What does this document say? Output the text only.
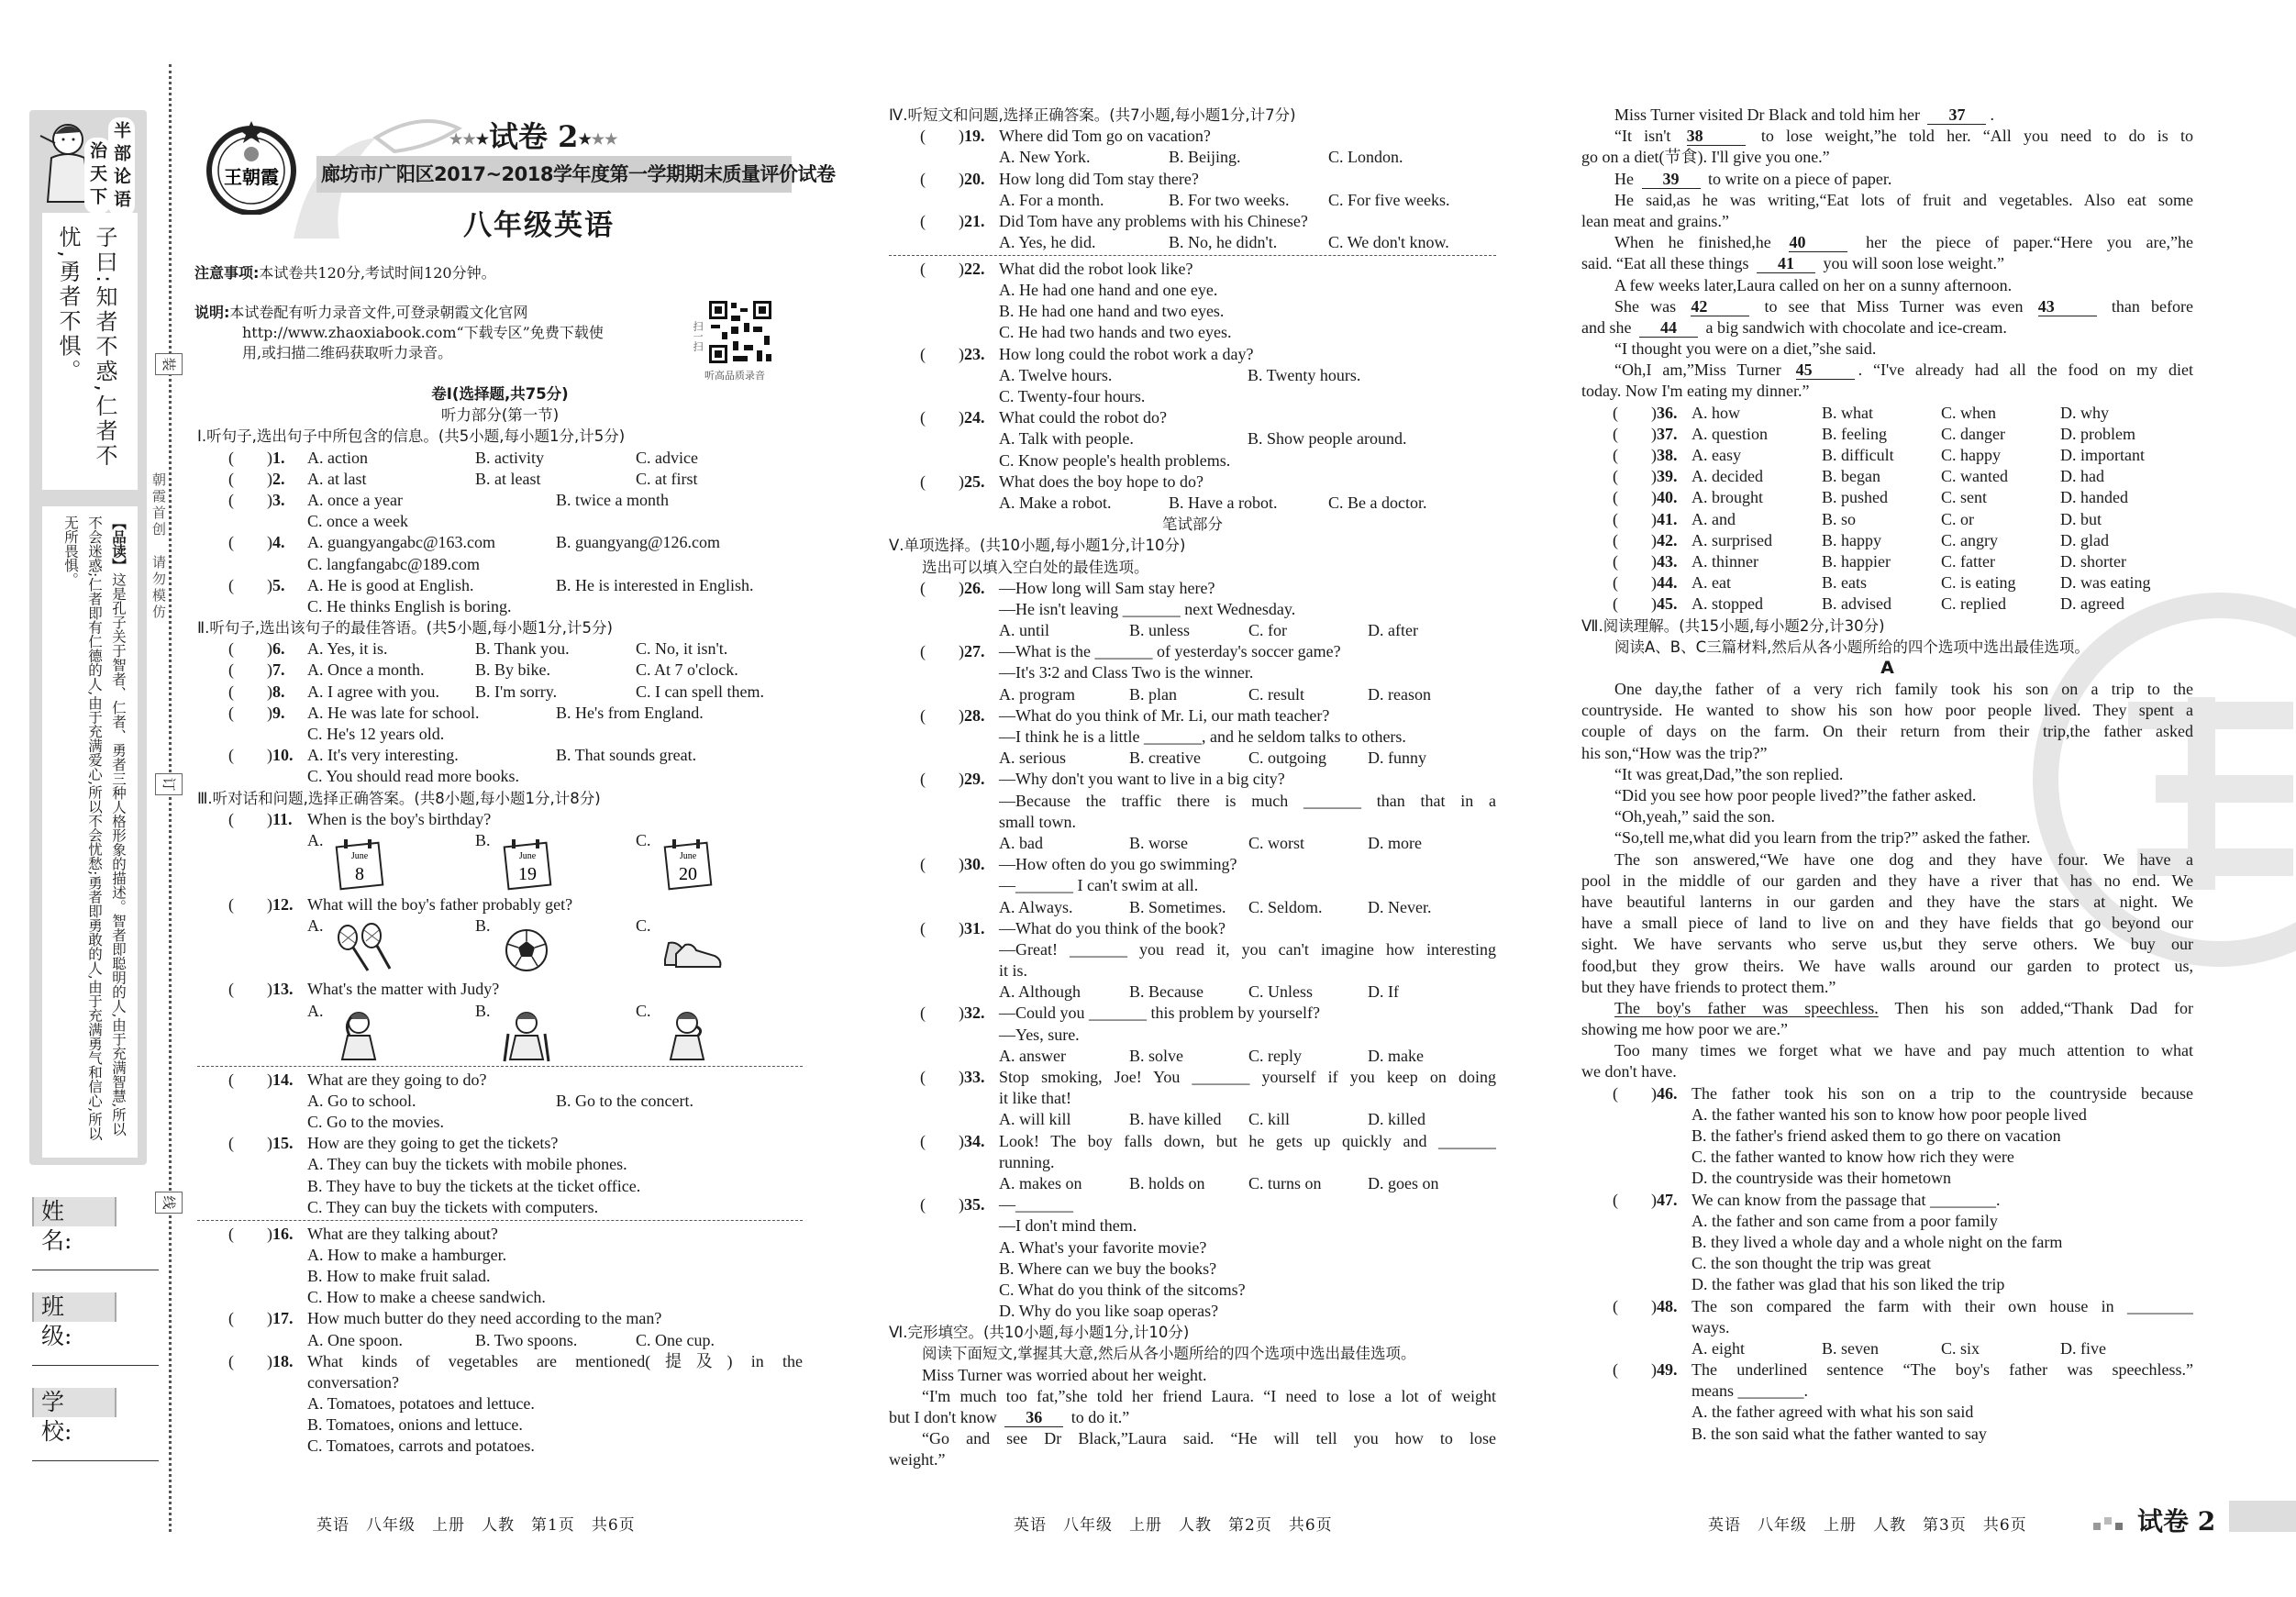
半部论语
治天下
子曰:知者不惑,仁者不
忧,勇者不惧。
【品读】这是孔子关于智者、仁者、勇者三种人格形象的描述。智者即聪明的人,由于充满智慧,所以不会迷惑;仁者即有仁德的人,由于充满爱心,所以不会忧愁;勇者即勇敢的人,由于充满勇气和信心,所以无所畏惧。
姓　名:
班　级:
学　校:
装
订
线
朝霞首创　请勿模仿
王朝霞
★★★试卷 2★★★
廊坊市广阳区2017~2018学年度第一学期期末质量评价试卷
八年级英语
注意事项:本试卷共120分,考试时间120分钟。
说明:本试卷配有听力录音文件,可登录朝霞文化官网
http://www.zhaoxiabook.com“下载专区”免费下载使
用,或扫描二维码获取听力录音。
扫一扫
听高品质录音
卷Ⅰ(选择题,共75分)
听力部分(第一节)
Ⅰ.听句子,选出句子中所包含的信息。(共5小题,每小题1分,计5分)
( ) 1. A. action	B. activity	C. advice
( ) 2. A. at last	B. at least	C. at first
( ) 3. A. once a year	B. twice a month
C. once a week
( ) 4. A. guangyangabc@163.com	B. guangyang@126.com
C. langfangabc@189.com
( ) 5. A. He is good at English.	B. He is interested in English.
C. He thinks English is boring.
Ⅱ.听句子,选出该句子的最佳答语。(共5小题,每小题1分,计5分)
( ) 6. A. Yes, it is.	B. Thank you.	C. No, it isn't.
( ) 7. A. Once a month.	B. By bike.	C. At 7 o'clock.
( ) 8. A. I agree with you. B. I'm sorry.	C. I can spell them.
( ) 9. A. He was late for school.	B. He's from England.
C. He's 12 years old.
( ) 10. A. It's very interesting.	B. That sounds great.
C. You should read more books.
Ⅲ.听对话和问题,选择正确答案。(共8小题,每小题1分,计8分)
( ) 11. When is the boy's birthday?
A.
June
8
B.
June
19
C.
June
20
( ) 12. What will the boy's father probably get?
A.	B.	C.
( ) 13. What's the matter with Judy?
A.	B.	C.
( ) 14. What are they going to do?
A. Go to school.	B. Go to the concert.
C. Go to the movies.
( ) 15. How are they going to get the tickets?
A. They can buy the tickets with mobile phones.
B. They have to buy the tickets at the ticket office.
C. They can buy the tickets with computers.
( ) 16. What are they talking about?
A. How to make a hamburger.
B. How to make fruit salad.
C. How to make a cheese sandwich.
( ) 17. How much butter do they need according to the man?
A. One spoon.	B. Two spoons.	C. One cup.
( ) 18. What kinds of vegetables are mentioned(提及) in the
conversation?
A. Tomatoes, potatoes and lettuce.
B. Tomatoes, onions and lettuce.
C. Tomatoes, carrots and potatoes.
Ⅳ.听短文和问题,选择正确答案。(共7小题,每小题1分,计7分)
( ) 19. Where did Tom go on vacation?
A. New York.	B. Beijing.	C. London.
( ) 20. How long did Tom stay there?
A. For a month.	B. For two weeks. C. For five weeks.
( ) 21. Did Tom have any problems with his Chinese?
A. Yes, he did.	B. No, he didn't.	C. We don't know.
( ) 22. What did the robot look like?
A. He had one hand and one eye.
B. He had one hand and two eyes.
C. He had two hands and two eyes.
( ) 23. How long could the robot work a day?
A. Twelve hours.	B. Twenty hours.
C. Twenty-four hours.
( ) 24. What could the robot do?
A. Talk with people.	B. Show people around.
C. Know people's health problems.
( ) 25. What does the boy hope to do?
A. Make a robot.	B. Have a robot.	C. Be a doctor.
笔试部分
Ⅴ.单项选择。(共10小题,每小题1分,计10分)
选出可以填入空白处的最佳选项。
( ) 26. —How long will Sam stay here?
—He isn't leaving _______ next Wednesday.
A. until	B. unless	C. for	D. after
( ) 27. —What is the _______ of yesterday's soccer game?
—It's 3∶2 and Class Two is the winner.
A. program	B. plan	C. result	D. reason
( ) 28. —What do you think of Mr. Li, our math teacher?
—I think he is a little _______, and he seldom talks to others.
A. serious	B. creative	C. outgoing D. funny
( ) 29. —Why don't you want to live in a big city?
—Because the traffic there is much _______ than that in a
small town.
A. bad	B. worse	C. worst	D. more
( ) 30. —How often do you go swimming?
—_______ I can't swim at all.
A. Always.	B. Sometimes. C. Seldom.	D. Never.
( ) 31. —What do you think of the book?
—Great! _______ you read it, you can't imagine how interesting
it is.
A. Although	B. Because	C. Unless	D. If
( ) 32. —Could you _______ this problem by yourself?
—Yes, sure.
A. answer	B. solve	C. reply	D. make
( ) 33. Stop smoking, Joe! You _______ yourself if you keep on doing
it like that!
A. will kill	B. have killed C. kill	D. killed
( ) 34. Look! The boy falls down, but he gets up quickly and _______
running.
A. makes on	B. holds on	C. turns on	D. goes on
( ) 35. —_______
—I don't mind them.
A. What's your favorite movie?
B. Where can we buy the books?
C. What do you think of the sitcoms?
D. Why do you like soap operas?
Ⅵ.完形填空。(共10小题,每小题1分,计10分)
阅读下面短文,掌握其大意,然后从各小题所给的四个选项中选出最佳选项。
Miss Turner was worried about her weight.
“I'm much too fat,”she told her friend Laura. “I need to lose a lot of weight
but I don't know 36 to do it.”
“Go and see Dr Black,”Laura said. “He will tell you how to lose
weight.”
Miss Turner visited Dr Black and told him her 37 .
“It isn't 38	to lose weight,”he told her. “All you need to do is to
go on a diet(节食). I'll give you one.”
He 39 to write on a piece of paper.
He said,as he was writing,“Eat lots of fruit and vegetables. Also eat some
lean meat and grains.”
When he finished,he 40	her the piece of paper.“Here you are,”he
said. “Eat all these things 41 you will soon lose weight.”
A few weeks later,Laura called on her on a sunny afternoon.
She was 42	to see that Miss Turner was even 43	than before
and she 44 a big sandwich with chocolate and ice-cream.
“I thought you were on a diet,”she said.
“Oh,I am,”Miss Turner 45	. “I've already had all the food on my diet
today. Now I'm eating my dinner.”
( ) 36. A. how	B. what	C. when	D. why
( ) 37. A. question	B. feeling	C. danger	D. problem
( ) 38. A. easy	B. difficult	C. happy	D. important
( ) 39. A. decided	B. began	C. wanted	D. had
( ) 40. A. brought	B. pushed	C. sent	D. handed
( ) 41. A. and	B. so	C. or	D. but
( ) 42. A. surprised	B. happy	C. angry	D. glad
( ) 43. A. thinner	B. happier	C. fatter	D. shorter
( ) 44. A. eat	B. eats	C. is eating	D. was eating
( ) 45. A. stopped	B. advised	C. replied	D. agreed
Ⅶ.阅读理解。(共15小题,每小题2分,计30分)
阅读A、B、C三篇材料,然后从各小题所给的四个选项中选出最佳选项。
A
One day,the father of a very rich family took his son on a trip to the
countryside. He wanted to show his son how poor people lived. They spent a
couple of days on the farm. On their return from their trip,the father asked
his son,“How was the trip?”
“It was great,Dad,”the son replied.
“Did you see how poor people lived?”the father asked.
“Oh,yeah,” said the son.
“So,tell me,what did you learn from the trip?” asked the father.
The son answered,“We have one dog and they have four. We have a
pool in the middle of our garden and they have a river that has no end. We
have beautiful lanterns in our garden and they have the stars at night. We
have a small piece of land to live on and they have fields that go beyond our
sight. We have servants who serve us,but they serve others. We buy our
food,but they grow theirs. We have walls around our garden to protect us,
but they have friends to protect them.”
The boy's father was speechless. Then his son added,“Thank Dad for
showing me how poor we are.”
Too many times we forget what we have and pay much attention to what
we don't have.
( ) 46. The father took his son on a trip to the countryside because
A. the father wanted his son to know how poor people lived
B. the father's friend asked them to go there on vacation
C. the father wanted to know how rich they were
D. the countryside was their hometown
( ) 47. We can know from the passage that ________.
A. the father and son came from a poor family
B. they lived a whole day and a whole night on the farm
C. the son thought the trip was great
D. the father was glad that his son liked the trip
( ) 48. The son compared the farm with their own house in ________
ways.
A. eight	B. seven	C. six	D. five
( ) 49. The underlined sentence “The boy's father was speechless.”
means ________.
A. the father agreed with what his son said
B. the son said what the father wanted to say
英语　八年级　上册　人教　第1页　共6页	英语　八年级　上册　人教　第2页　共6页	英语　八年级　上册　人教　第3页　共6页	试卷 2
